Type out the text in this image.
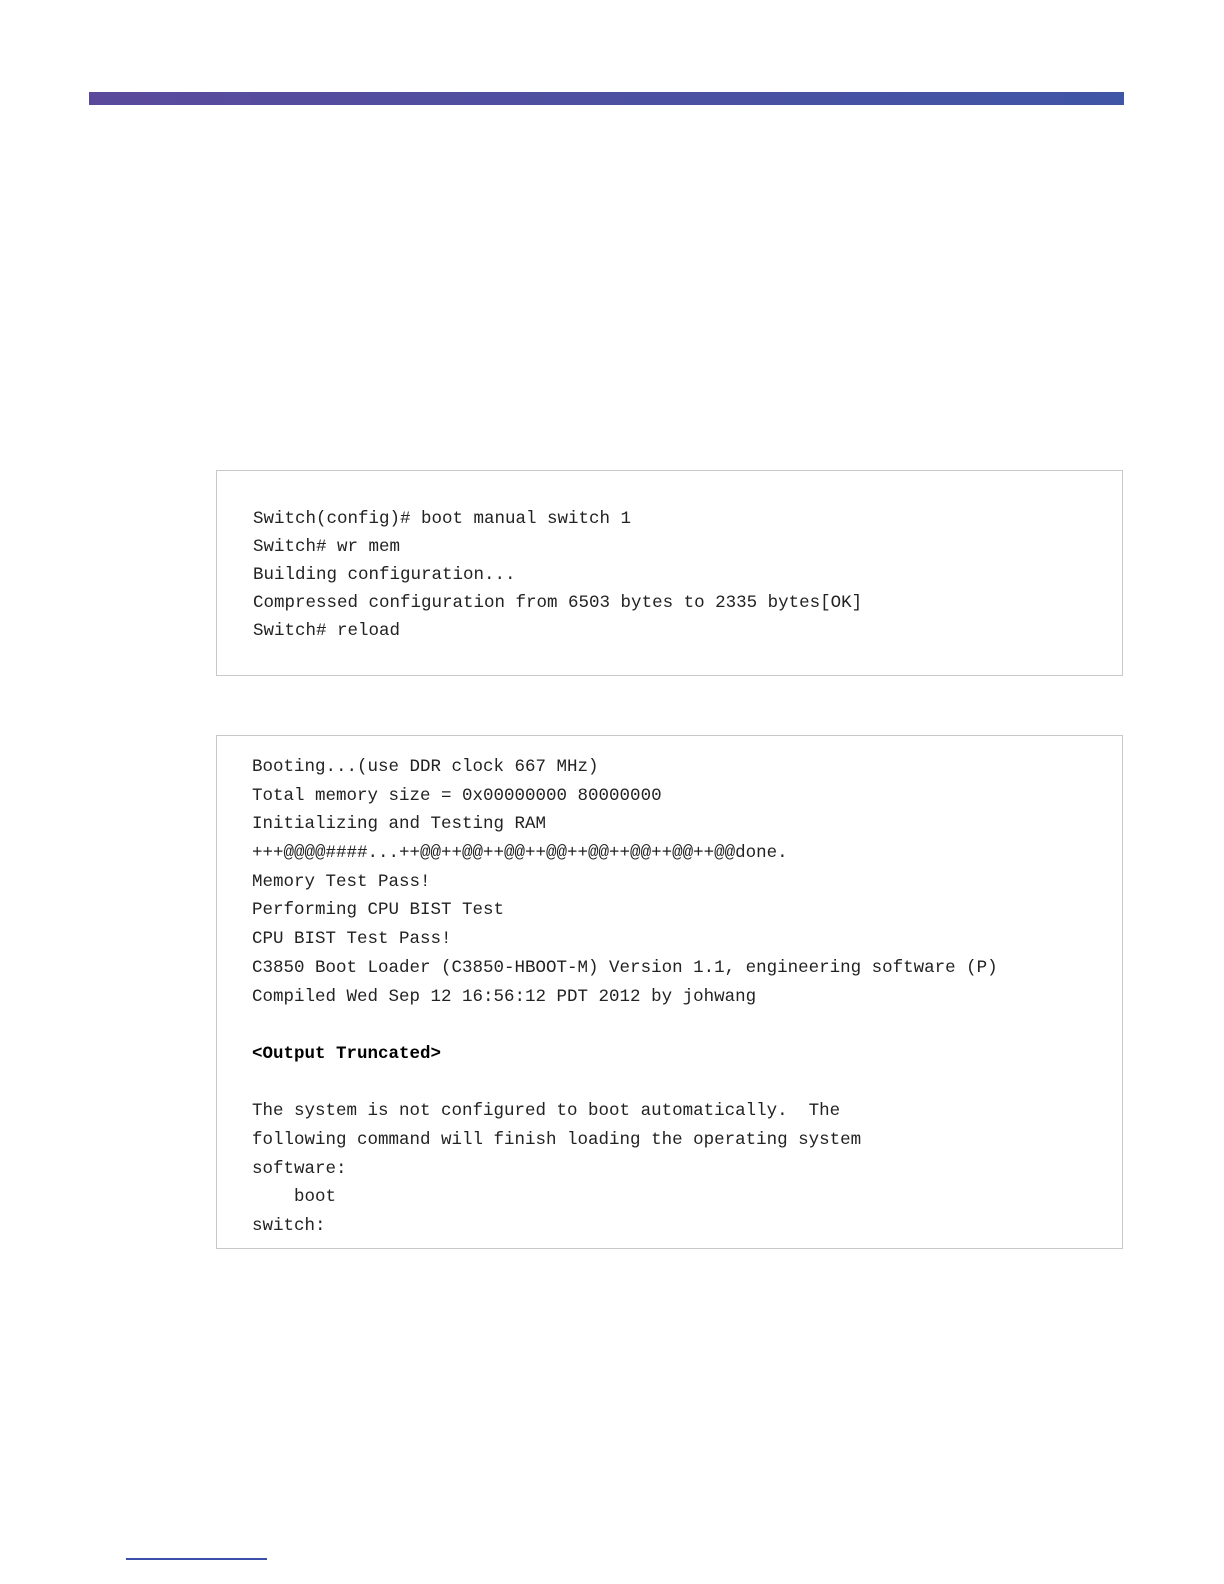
Switch(config)# boot manual switch 1
Switch# wr mem
Building configuration...
Compressed configuration from 6503 bytes to 2335 bytes[OK]
Switch# reload
Booting...(use DDR clock 667 MHz)
Total memory size = 0x00000000 80000000
Initializing and Testing RAM
+++@@@@####...++@@++@@++@@++@@++@@++@@++@@++@@done.
Memory Test Pass!
Performing CPU BIST Test
CPU BIST Test Pass!
C3850 Boot Loader (C3850-HBOOT-M) Version 1.1, engineering software (P)
Compiled Wed Sep 12 16:56:12 PDT 2012 by johwang
<Output Truncated>
The system is not configured to boot automatically.  The
following command will finish loading the operating system
software:
boot
switch:
